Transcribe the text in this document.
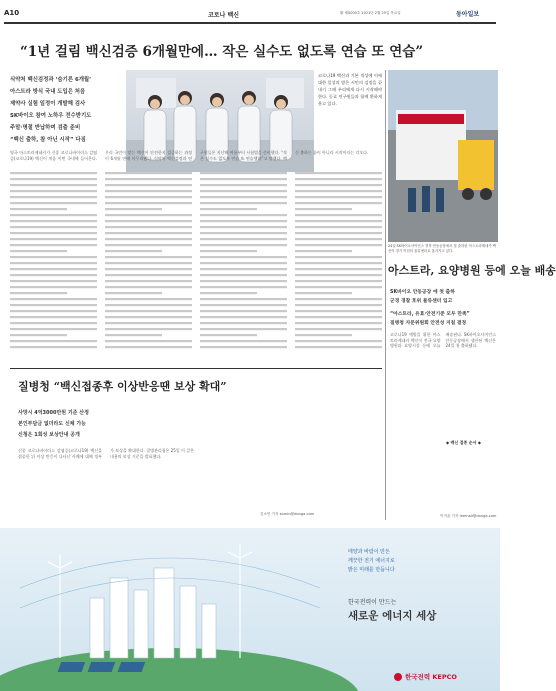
A10	코로나 백신	第 제0000호 2021년 2월 25일 목요일	동아일보
“1년 걸림 백신검증 6개월만에… 작은 실수도 없도록 연습 또 연습”
식약처 백신검정과 ‘숨기른 6개월’
아스트라 방식 국내 도입은 처음
제약사 실험 일정이 개발해 검사
SK바이오 참여 노하우 전수받기도
주말·명절 반납하며 검출 준비
“백신 출하, 참 아닌 시작” 다짐
코로나19 백신과 기본 적성에 이에 대한 일상의 밤은 시민의 검정을 끝내기 그때 우리에게 다시 시작해야 한다. 동료 연구원들과 함께 환하게 웃고 있다.
영국 아스트라제네카가 신종 코로나바이러스 감염증(코로나19) 백신이 처음 이번 국내에 들어온다. 우리 국민이 맞는 백신이 안전한지 검증하는 과정이 6개월 만에 마무리됐다. 식약처 백신검정과 연구원들은 지난해 여름부터 시험법을 준비했다. “작은 실수도 없도록 연습 또 연습했다”고 말했다. 백신 출하는 끝이 아니라 시작이라는 각오다.
질병청 “백신접종후 이상반응땐 보상 확대”
사망시 4억3000만원 기준 산정
본인부담금 없더라도 신체 가능
신청은 1회성 보상안내 공개
신종 코로나바이러스 감염증(코로나19) 백신을 접종한 뒤 이상 반응이 나타난 사례에 대해 정부가 보상을 확대한다. 질병관리청은 25일 이 같은 내용의 보상 기준을 발표했다.
김소민 기자 somin@donga.com
24일 SK바이오사이언스 경북 안동공장에서 첫 출하된 아스트라제네카 백신이 경기 이천의 물류센터로 옮겨지고 있다.
아스트라, 요양병원 등에 오늘 배송
SK바이오 안동공장 에 첫 출하
군경 경찰 호위 물류센터 입고
“아스트라, 유효·안전기준 모두 만족”
질병청 자문위원회 안전성 지침 결정
코로나19 예방을 위한 아스트라제네카 백신이 전국 요양병원과 요양시설 등에 오늘 배송된다. SK바이오사이언스 안동공장에서 생산된 백신은 24일 첫 출하됐다.
◆ 백신 접종 순서 ◆
이지윤 기자 leemail@donga.com
태양과 바람이 만든
깨끗한 전기 에너지로
밝은 미래를 만듭니다
한국전력이 만드는
새로운 에너지 세상
한국전력 KEPCO
